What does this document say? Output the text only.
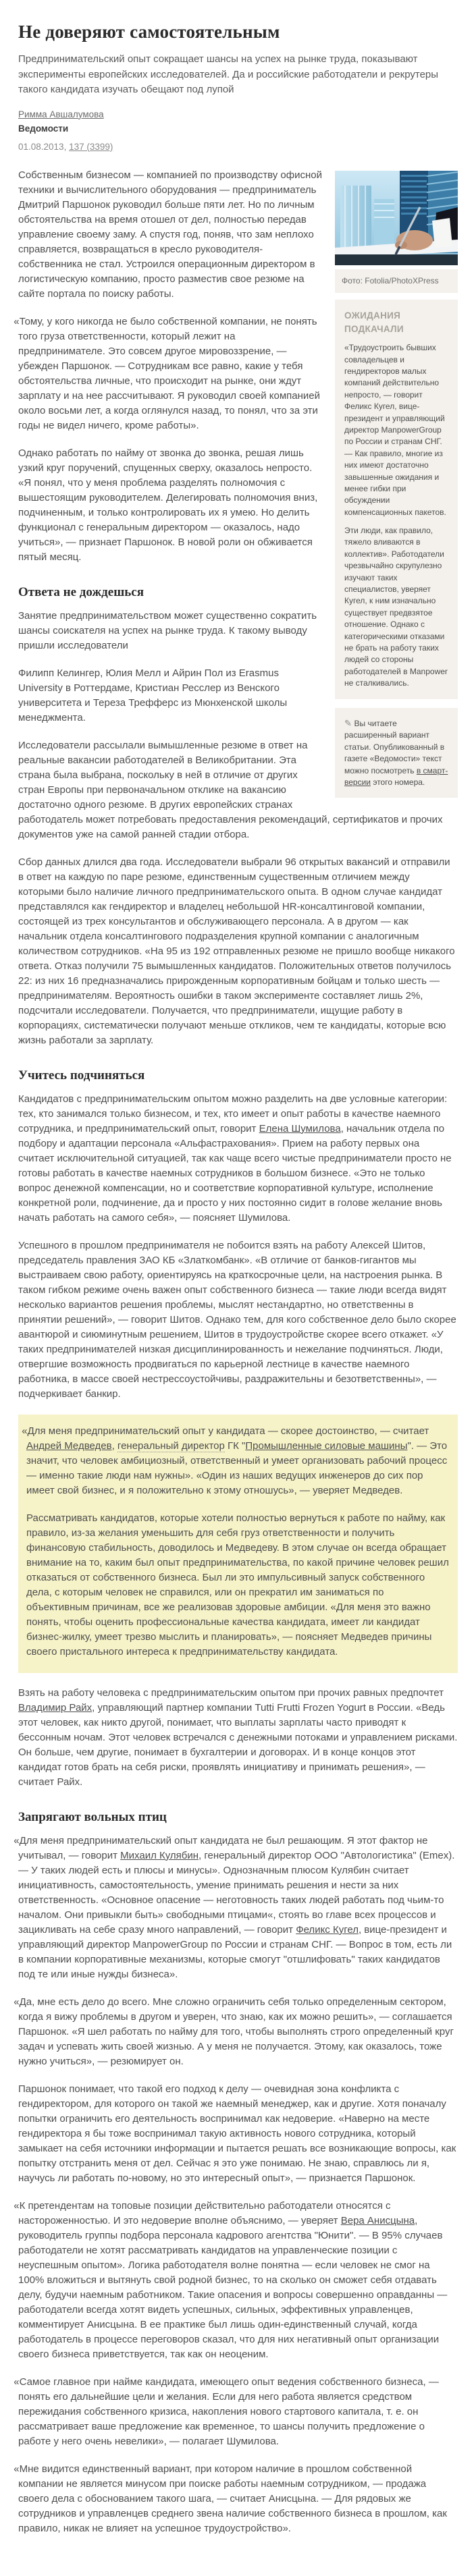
Не доверяют самостоятельным

Предпринимательский опыт сокращает шансы на успех на рынке труда, показывают эксперименты европейских исследователей. Да и российские работодатели и рекрутеры такого кандидата изучать обещают под лупой

Римма Авшалумова
Ведомости
01.08.2013, 137 (3399)
Фото: Fotolia/PhotoXPress
ОЖИДАНИЯ ПОДКАЧАЛИ

«Трудоустроить бывших совладельцев и гендиректоров малых компаний действительно непросто, — говорит Феликс Кугел, вице-президент и управляющий директор ManpowerGroup по России и странам СНГ. — Как правило, многие из них имеют достаточно завышенные ожидания и менее гибки при обсуждении компенсационных пакетов.

Эти люди, как правило, тяжело вливаются в коллектив». Работодатели чрезвычайно скрупулезно изучают таких специалистов, уверяет Кугел, к ним изначально существует предвзятое отношение. Однако с категорическими отказами не брать на работу таких людей со стороны работодателей в Manpower не сталкивались.

✎ Вы читаете расширенный вариант статьи. Опубликованный в газете «Ведомости» текст можно посмотреть в смарт-версии этого номера.

Собственным бизнесом — компанией по производству офисной техники и вычислительного оборудования — предприниматель Дмитрий Паршонок руководил больше пяти лет. Но по личным обстоятельства на время отошел от дел, полностью передав управление своему заму. А спустя год, поняв, что зам неплохо справляется, возвращаться в кресло руководителя-собственника не стал. Устроился операционным директором в логистическую компанию, просто разместив свое резюме на сайте портала по поиску работы.

«Тому, у кого никогда не было собственной компании, не понять того груза ответственности, который лежит на предпринимателе. Это совсем другое мировоззрение, — убежден Паршонок. — Сотрудникам все равно, какие у тебя обстоятельства личные, что происходит на рынке, они ждут зарплату и на нее рассчитывают. Я руководил своей компанией около восьми лет, а когда оглянулся назад, то понял, что за эти годы не видел ничего, кроме работы».

Однако работать по найму от звонка до звонка, решая лишь узкий круг поручений, спущенных сверху, оказалось непросто. «Я понял, что у меня проблема разделять полномочия с вышестоящим руководителем. Делегировать полномочия вниз, подчиненным, и только контролировать их я умею. Но делить функционал с генеральным директором — оказалось, надо учиться», — признает Паршонок. В новой роли он обживается пятый месяц.

Ответа не дождешься

Занятие предпринимательством может существенно сократить шансы соискателя на успех на рынке труда. К такому выводу пришли исследователи

Филипп Келингер, Юлия Мелл и Айрин Пол из Erasmus University в Роттердаме, Кристиан Ресслер из Венского университета и Тереза Трефферс из Мюнхенской школы менеджмента.

Исследователи рассылали вымышленные резюме в ответ на реальные вакансии работодателей в Великобритании. Эта страна была выбрана, поскольку в ней в отличие от других стран Европы при первоначальном отклике на вакансию достаточно одного резюме. В других европейских странах работодатель может потребовать предоставления рекомендаций, сертификатов и прочих документов уже на самой ранней стадии отбора.

Сбор данных длился два года. Исследователи выбрали 96 открытых вакансий и отправили в ответ на каждую по паре резюме, единственным существенным отличием между которыми было наличие личного предпринимательского опыта. В одном случае кандидат представлялся как гендиректор и владелец небольшой HR-консалтинговой компании, состоящей из трех консультантов и обслуживающего персонала. А в другом — как начальник отдела консалтингового подразделения крупной компании с аналогичным количеством сотрудников. «На 95 из 192 отправленных резюме не пришло вообще никакого ответа. Отказ получили 75 вымышленных кандидатов. Положительных ответов получилось 22: из них 16 предназначались прирожденным корпоративным бойцам и только шесть — предпринимателям. Вероятность ошибки в таком эксперименте составляет лишь 2%, подсчитали исследователи. Получается, что предприниматели, ищущие работу в корпорациях, систематически получают меньше откликов, чем те кандидаты, которые всю жизнь работали за зарплату.

Учитесь подчиняться

Кандидатов с предпринимательским опытом можно разделить на две условные категории: тех, кто занимался только бизнесом, и тех, кто имеет и опыт работы в качестве наемного сотрудника, и предпринимательский опыт, говорит Елена Шумилова, начальник отдела по подбору и адаптации персонала «Альфастрахования». Прием на работу первых она считает исключительной ситуацией, так как чаще всего чистые предприниматели просто не готовы работать в качестве наемных сотрудников в большом бизнесе. «Это не только вопрос денежной компенсации, но и соответствие корпоративной культуре, исполнение конкретной роли, подчинение, да и просто у них постоянно сидит в голове желание вновь начать работать на самого себя», — поясняет Шумилова.

Успешного в прошлом предпринимателя не побоится взять на работу Алексей Шитов, председатель правления ЗАО КБ «Златкомбанк». «В отличие от банков-гигантов мы выстраиваем свою работу, ориентируясь на краткосрочные цели, на настроения рынка. В таком гибком режиме очень важен опыт собственного бизнеса — такие люди всегда видят несколько вариантов решения проблемы, мыслят нестандартно, но ответственны в принятии решений», — говорит Шитов. Однако тем, для кого собственное дело было скорее авантюрой и сиюминутным решением, Шитов в трудоустройстве скорее всего откажет. «У таких предпринимателей низкая дисциплинированность и нежелание подчиняться. Люди, отвергшие возможность продвигаться по карьерной лестнице в качестве наемного работника, в массе своей нестрессоустойчивы, раздражительны и безответственны», — подчеркивает банкир.

«Для меня предпринимательский опыт у кандидата — скорее достоинство, — считает Андрей Медведев, генеральный директор ГК "Промышленные силовые машины". — Это значит, что человек амбициозный, ответственный и умеет организовать рабочий процесс — именно такие люди нам нужны». «Один из наших ведущих инженеров до сих пор имеет свой бизнес, и я положительно к этому отношусь», — уверяет Медведев.

Рассматривать кандидатов, которые хотели полностью вернуться к работе по найму, как правило, из-за желания уменьшить для себя груз ответственности и получить финансовую стабильность, доводилось и Медведеву. В этом случае он всегда обращает внимание на то, каким был опыт предпринимательства, по какой причине человек решил отказаться от собственного бизнеса. Был ли это импульсивный запуск собственного дела, с которым человек не справился, или он прекратил им заниматься по объективным причинам, все же реализовав здоровые амбиции. «Для меня это важно понять, чтобы оценить профессиональные качества кандидата, имеет ли кандидат бизнес-жилку, умеет трезво мыслить и планировать», — поясняет Медведев причины своего пристального интереса к предпринимательству кандидата.

Взять на работу человека с предпринимательским опытом при прочих равных предпочтет Владимир Райх, управляющий партнер компании Tutti Frutti Frozen Yogurt в России. «Ведь этот человек, как никто другой, понимает, что выплаты зарплаты часто приводят к бессонным ночам. Этот человек встречался с денежными потоками и управлением рисками. Он больше, чем другие, понимает в бухгалтерии и договорах. И в конце концов этот кандидат готов брать на себя риски, проявлять инициативу и принимать решения», — считает Райх.

Запрягают вольных птиц

«Для меня предпринимательский опыт кандидата не был решающим. Я этот фактор не учитывал, — говорит Михаил Кулябин, генеральный директор ООО "Автологистика" (Emex). — У таких людей есть и плюсы и минусы». Однозначным плюсом Кулябин считает инициативность, самостоятельность, умение принимать решения и нести за них ответственность. «Основное опасение — неготовность таких людей работать под чьим-то началом. Они привыкли быть» свободными птицами«, стоять во главе всех процессов и зацикливать на себе сразу много направлений, — говорит Феликс Кугел, вице-президент и управляющий директор ManpowerGroup по России и странам СНГ. — Вопрос в том, есть ли в компании корпоративные механизмы, которые смогут "отшлифовать" таких кандидатов под те или иные нужды бизнеса».

«Да, мне есть дело до всего. Мне сложно ограничить себя только определенным сектором, когда я вижу проблемы в другом и уверен, что знаю, как их можно решить», — соглашается Паршонок. «Я шел работать по найму для того, чтобы выполнять строго определенный круг задач и успевать жить своей жизнью. А у меня не получается. Этому, как оказалось, тоже нужно учиться», — резюмирует он.

Паршонок понимает, что такой его подход к делу — очевидная зона конфликта с гендиректором, для которого он такой же наемный менеджер, как и другие. Хотя поначалу попытки ограничить его деятельность воспринимал как недоверие. «Наверно на месте гендиректора я бы тоже воспринимал такую активность нового сотрудника, который замыкает на себя источники информации и пытается решать все возникающие вопросы, как попытку отстранить меня от дел. Сейчас я это уже понимаю. Не знаю, справлюсь ли я, научусь ли работать по-новому, но это интересный опыт», — признается Паршонок.

«К претендентам на топовые позиции действительно работодатели относятся с настороженностью. И это недоверие вполне объяснимо, — уверяет Вера Анисцына, руководитель группы подбора персонала кадрового агентства "Юнити". — В 95% случаев работодатели не хотят рассматривать кандидатов на управленческие позиции с неуспешным опытом». Логика работодателя волне понятна — если человек не смог на 100% вложиться и вытянуть свой родной бизнес, то на сколько он сможет себя отдавать делу, будучи наемным работником. Такие опасения и вопросы совершенно оправданны — работодатели всегда хотят видеть успешных, сильных, эффективных управленцев, комментирует Анисцына. В ее практике был лишь один-единственный случай, когда работодатель в процессе переговоров сказал, что для них негативный опыт организации своего бизнеса приветствуется, так как он неоценим.

«Самое главное при найме кандидата, имеющего опыт ведения собственного бизнеса, — понять его дальнейшие цели и желания. Если для него работа является средством пережидания собственного кризиса, накопления нового стартового капитала, т. е. он рассматривает ваше предложение как временное, то шансы получить предложение о работе у него очень невелики», — полагает Шумилова.

«Мне видится единственный вариант, при котором наличие в прошлом собственной компании не является минусом при поиске работы наемным сотрудником, — продажа своего дела с обоснованием такого шага, — считает Анисцына. — Для рядовых же сотрудников и управленцев среднего звена наличие собственного бизнеса в прошлом, как правило, никак не влияет на успешное трудоустройство».
